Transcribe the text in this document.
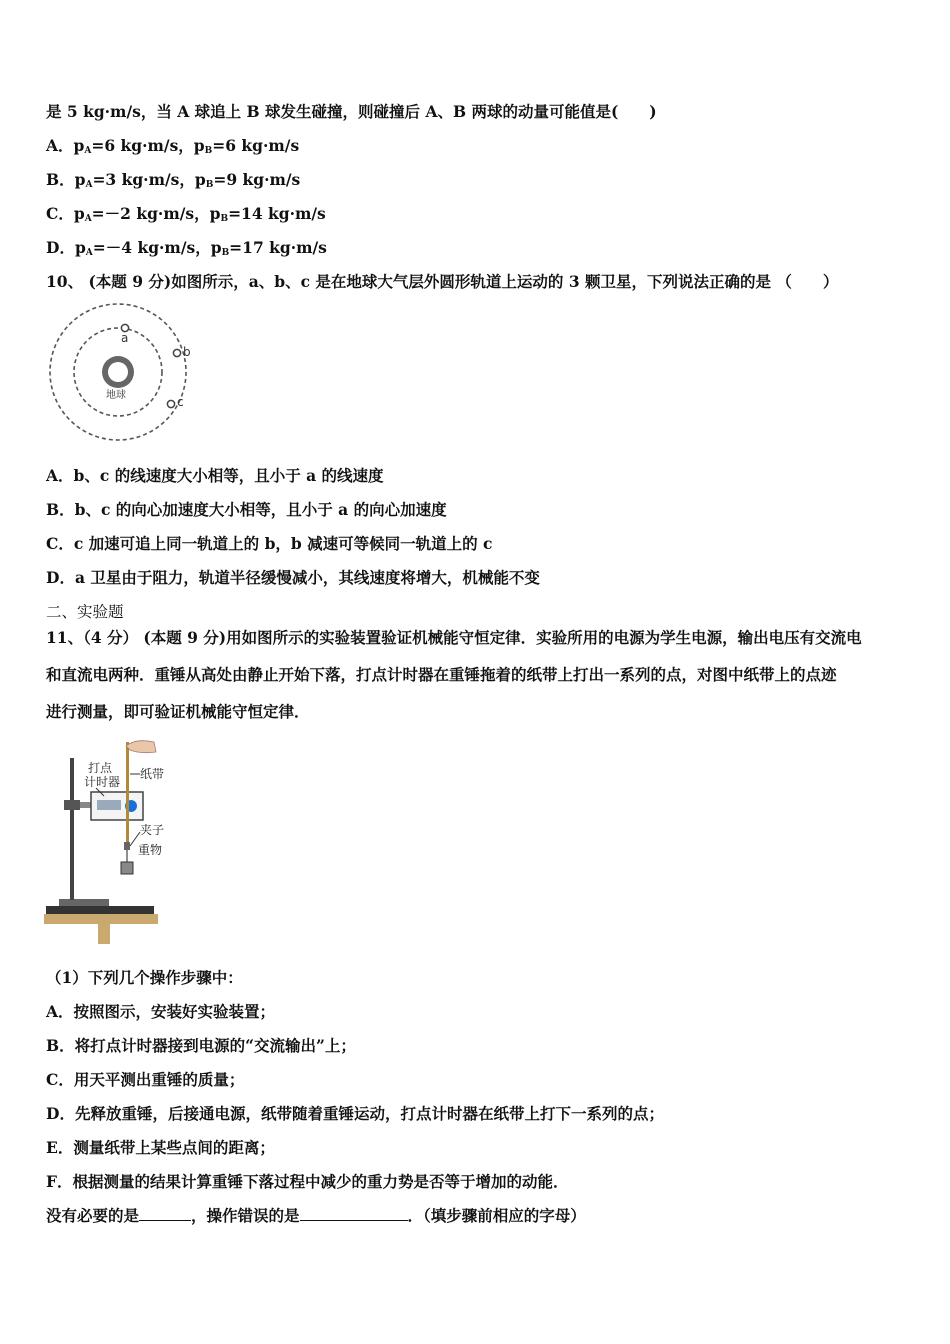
是 5 kg·m/s，当 A 球追上 B 球发生碰撞，则碰撞后 A、B 两球的动量可能值是(　　)
A．$p_A=6$ kg·m/s，$p_B=6$ kg·m/s
B．$p_A=3$ kg·m/s，$p_B=9$ kg·m/s
C．$p_A=-2$ kg·m/s，$p_B=14$ kg·m/s
D．$p_A=-4$ kg·m/s，$p_B=17$ kg·m/s
10、 (本题 9 分)如图所示，a、b、c 是在地球大气层外圆形轨道上运动的 3 颗卫星，下列说法正确的是 （　　）
地球
a
b
c
A．b、c 的线速度大小相等，且小于 a 的线速度
B．b、c 的向心加速度大小相等，且小于 a 的向心加速度
C．c 加速可追上同一轨道上的 b，b 减速可等候同一轨道上的 c
D．a 卫星由于阻力，轨道半径缓慢减小，其线速度将增大，机械能不变
二、实验题
11、（4 分） (本题 9 分)用如图所示的实验装置验证机械能守恒定律．实验所用的电源为学生电源，输出电压有交流电
和直流电两种．重锤从高处由静止开始下落，打点计时器在重锤拖着的纸带上打出一系列的点，对图中纸带上的点迹
进行测量，即可验证机械能守恒定律．
打点
计时器
纸带
夹子
重物
（1）下列几个操作步骤中：
A．按照图示，安装好实验装置；
B．将打点计时器接到电源的“交流输出”上；
C．用天平测出重锤的质量；
D．先释放重锤，后接通电源，纸带随着重锤运动，打点计时器在纸带上打下一系列的点；
E．测量纸带上某些点间的距离；
F．根据测量的结果计算重锤下落过程中减少的重力势是否等于增加的动能．
没有必要的是	，操作错误的是	．（填步骤前相应的字母）
